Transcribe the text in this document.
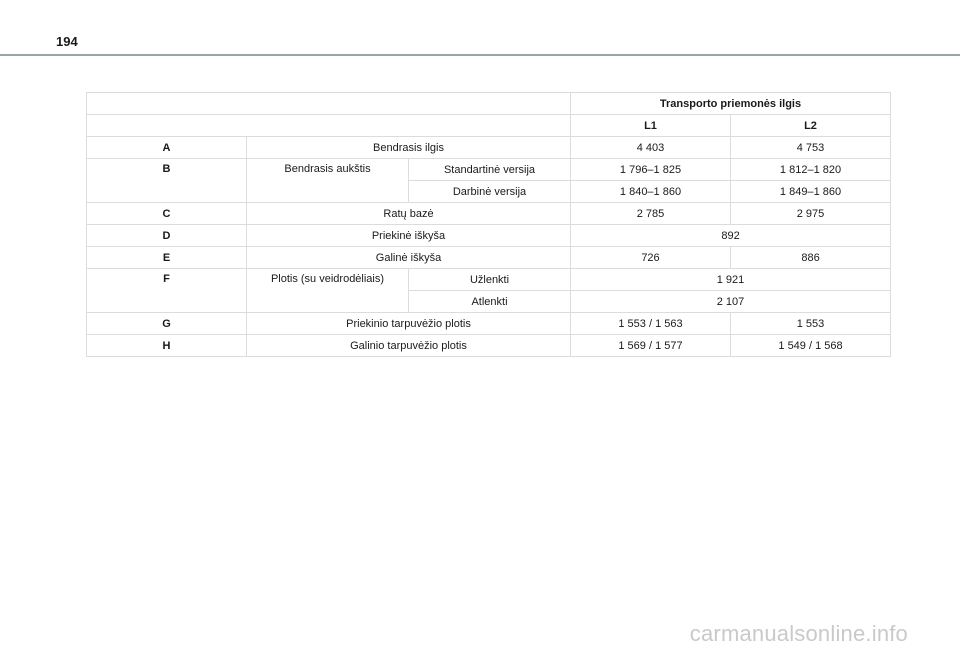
194
			Transporto priemonės ilgis	
			L1	L2
A	Bendrasis ilgis		4 403	4 753
B	Bendrasis aukštis	Standartinė versija	1 796–1 825	1 812–1 820
		Darbinė versija	1 840–1 860	1 849–1 860
C	Ratų bazė		2 785	2 975
D	Priekinė iškyša		892	
E	Galinė iškyša		726	886
F	Plotis (su veidrodėliais)	Užlenkti	1 921	
		Atlenkti	2 107	
G	Priekinio tarpuvėžio plotis		1 553 / 1 563	1 553
H	Galinio tarpuvėžio plotis		1 569 / 1 577	1 549 / 1 568
carmanualsonline.info
